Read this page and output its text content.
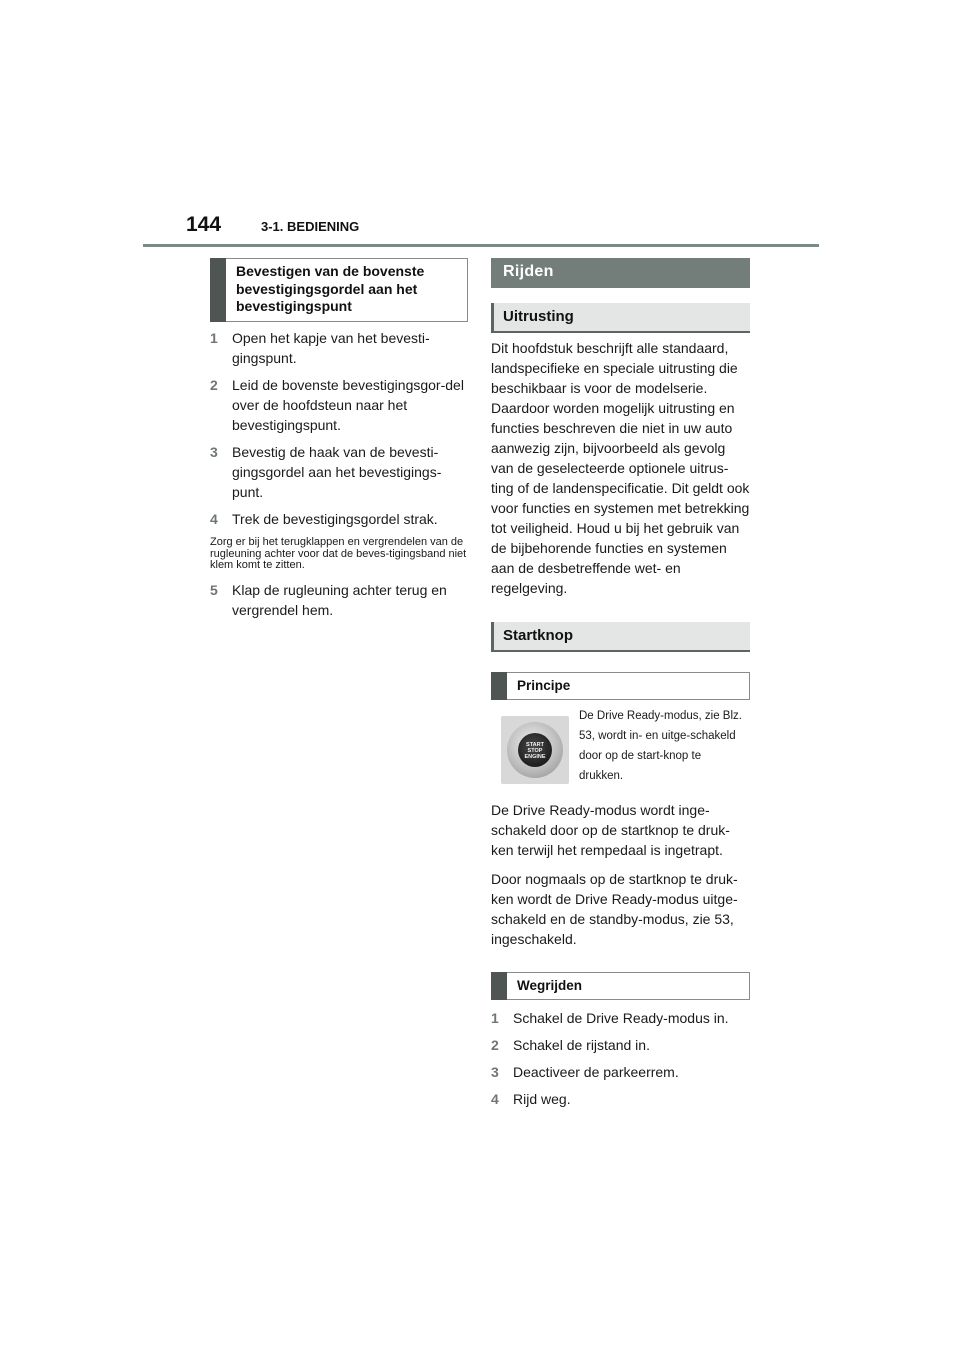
144	3-1. BEDIENING
Bevestigen van de bovenste bevestigingsgordel aan het bevestigingspunt
1 Open het kapje van het bevesti-gingspunt.
2 Leid de bovenste bevestigingsgor-del over de hoofdsteun naar het bevestigingspunt.
3 Bevestig de haak van de bevesti-gingsgordel aan het bevestigings-punt.
4 Trek de bevestigingsgordel strak.

Zorg er bij het terugklappen en vergrendelen van de rugleuning achter voor dat de beves-tigingsband niet klem komt te zitten.

5 Klap de rugleuning achter terug en vergrendel hem.
Rijden
Uitrusting

Dit hoofdstuk beschrijft alle standaard, landspecifieke en speciale uitrusting die beschikbaar is voor de modelserie. Daardoor worden mogelijk uitrusting en functies beschreven die niet in uw auto aanwezig zijn, bijvoorbeeld als gevolg van de geselecteerde optionele uitrus-ting of de landenspecificatie. Dit geldt ook voor functies en systemen met betrekking tot veiligheid. Houd u bij het gebruik van de bijbehorende functies en systemen aan de desbetreffende wet- en regelgeving.

Startknop
Principe
START
STOP
ENGINE

De Drive Ready-modus, zie Blz. 53, wordt in- en uitge-schakeld door op de start-knop te drukken.

De Drive Ready-modus wordt inge-schakeld door op de startknop te druk-ken terwijl het rempedaal is ingetrapt.

Door nogmaals op de startknop te druk-ken wordt de Drive Ready-modus uitge-schakeld en de standby-modus, zie 53, ingeschakeld.

Wegrijden
1 Schakel de Drive Ready-modus in.
2 Schakel de rijstand in.
3 Deactiveer de parkeerrem.
4 Rijd weg.
